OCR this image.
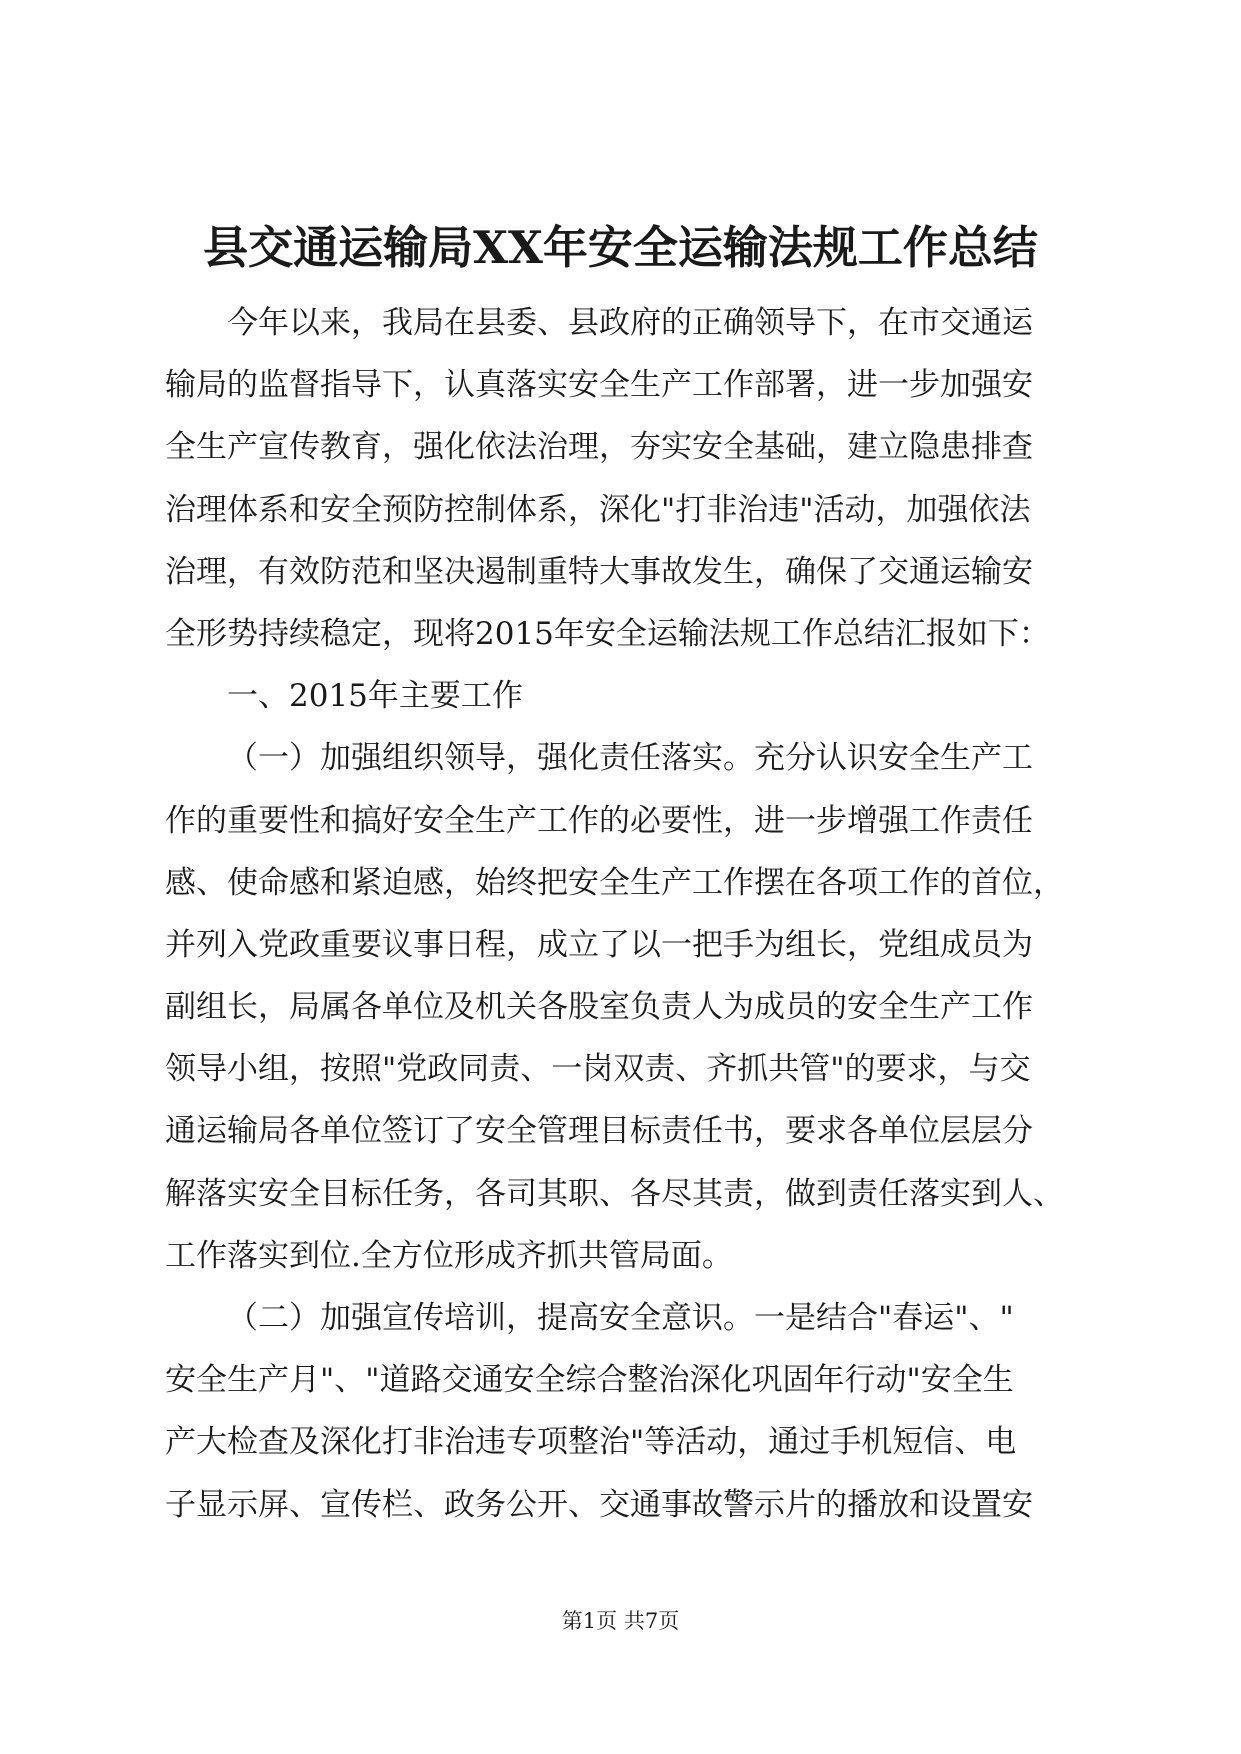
县交通运输局XX年安全运输法规工作总结
今年以来，我局在县委、县政府的正确领导下，在市交通运
输局的监督指导下，认真落实安全生产工作部署，进一步加强安
全生产宣传教育，强化依法治理，夯实安全基础，建立隐患排查
治理体系和安全预防控制体系，深化"打非治违"活动，加强依法
治理，有效防范和坚决遏制重特大事故发生，确保了交通运输安
全形势持续稳定，现将2015年安全运输法规工作总结汇报如下：
一、2015年主要工作
（一）加强组织领导，强化责任落实。充分认识安全生产工
作的重要性和搞好安全生产工作的必要性，进一步增强工作责任
感、使命感和紧迫感，始终把安全生产工作摆在各项工作的首位，
并列入党政重要议事日程，成立了以一把手为组长，党组成员为
副组长，局属各单位及机关各股室负责人为成员的安全生产工作
领导小组，按照"党政同责、一岗双责、齐抓共管"的要求，与交
通运输局各单位签订了安全管理目标责任书，要求各单位层层分
解落实安全目标任务，各司其职、各尽其责，做到责任落实到人、
工作落实到位.全方位形成齐抓共管局面。
（二）加强宣传培训，提高安全意识。一是结合"春运"、"
安全生产月"、"道路交通安全综合整治深化巩固年行动"安全生
产大检查及深化打非治违专项整治"等活动，通过手机短信、电
子显示屏、宣传栏、政务公开、交通事故警示片的播放和设置安
第1页 共7页
